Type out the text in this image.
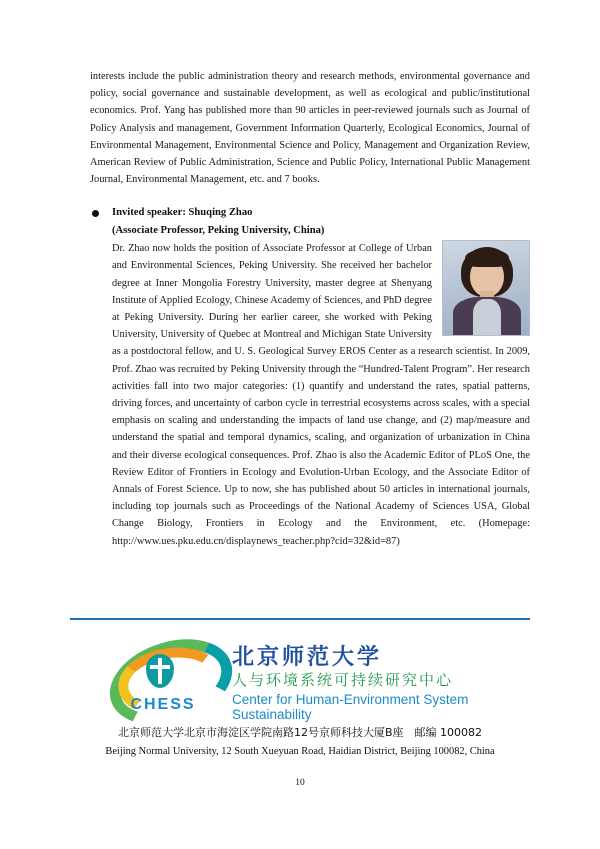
interests include the public administration theory and research methods, environmental governance and policy, social governance and sustainable development, as well as ecological and public/institutional economics. Prof. Yang has published more than 90 articles in peer-reviewed journals such as Journal of Policy Analysis and management, Government Information Quarterly, Ecological Economics, Journal of Environmental Management, Environmental Science and Policy, Management and Organization Review, American Review of Public Administration, Science and Public Policy, International Public Management Journal, Environmental Management, etc. and 7 books.

Invited speaker: Shuqing Zhao
(Associate Professor, Peking University, China)
Dr. Zhao now holds the position of Associate Professor at College of Urban and Environmental Sciences, Peking University. She received her bachelor degree at Inner Mongolia Forestry University, master degree at Shenyang Institute of Applied Ecology, Chinese Academy of Sciences, and PhD degree at Peking University. During her earlier career, she worked with Peking University, University of Quebec at Montreal and Michigan State University as a postdoctoral fellow, and U. S. Geological Survey EROS Center as a research scientist. In 2009, Prof. Zhao was recruited by Peking University through the “Hundred-Talent Program”. Her research activities fall into two major categories: (1) quantify and understand the rates, spatial patterns, driving forces, and uncertainty of carbon cycle in terrestrial ecosystems across scales, with a special emphasis on scaling and understanding the impacts of land use change, and (2) map/measure and understand the spatial and temporal dynamics, scaling, and organization of urbanization in China and their diverse ecological consequences. Prof. Zhao is also the Academic Editor of PLoS One, the Review Editor of Frontiers in Ecology and Evolution-Urban Ecology, and the Associate Editor of Annals of Forest Science. Up to now, she has published about 50 articles in international journals, including top journals such as Proceedings of the National Academy of Sciences USA, Global Change Biology, Frontiers in Ecology and the Environment, etc. (Homepage: http://www.ues.pku.edu.cn/displaynews_teacher.php?cid=32&id=87)
CHESS
北京师范大学
人与环境系统可持续研究中心
Center for Human-Environment System Sustainability
北京师范大学北京市海淀区学院南路12号京师科技大厦B座　邮编 100082
Beijing Normal University, 12 South Xueyuan Road, Haidian District, Beijing 100082, China
10
